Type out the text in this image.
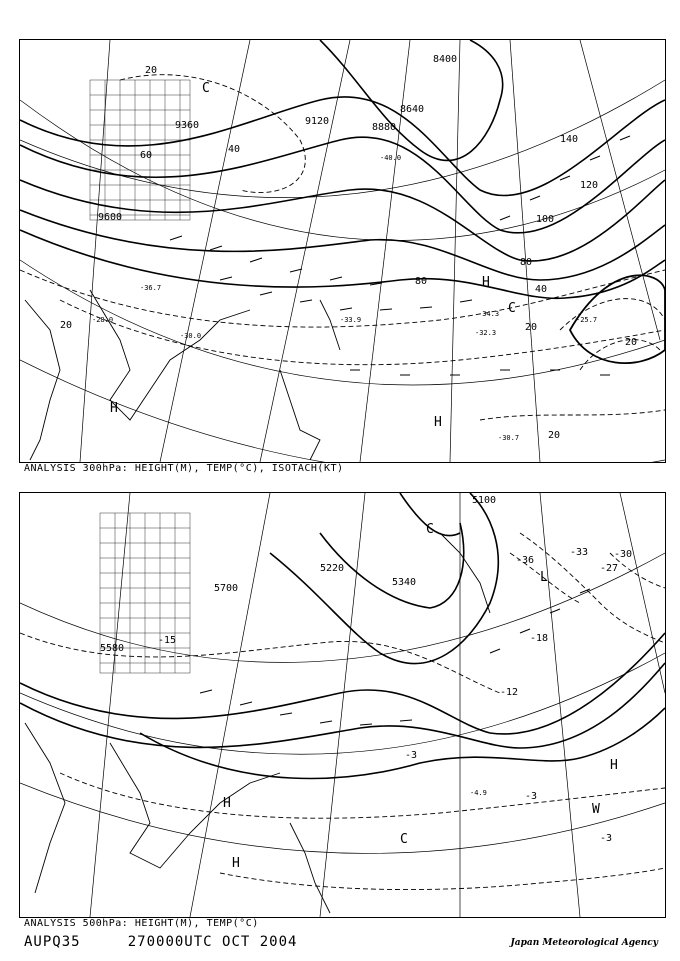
8400
8640
8880
9120
9360
9600
20
40
60
80
100
120
140
20	20
20
20
40
80
-30.0	-32.3
-33.9
-34.3
-36.7
-40.0
-25.7
-28.0
-30.7
H
H
C
C
H
ANALYSIS 300hPa: HEIGHT(M), TEMP(°C), ISOTACH(KT)
5100
5340
5580
5700
5220
-36
-33	-30
-27
-18
-15
-12
-3
-3
-3
-4.9
H
H
W
C
L
H
C
ANALYSIS 500hPa: HEIGHT(M), TEMP(°C)
AUPQ35	270000UTC OCT 2004	Japan Meteorological Agency
